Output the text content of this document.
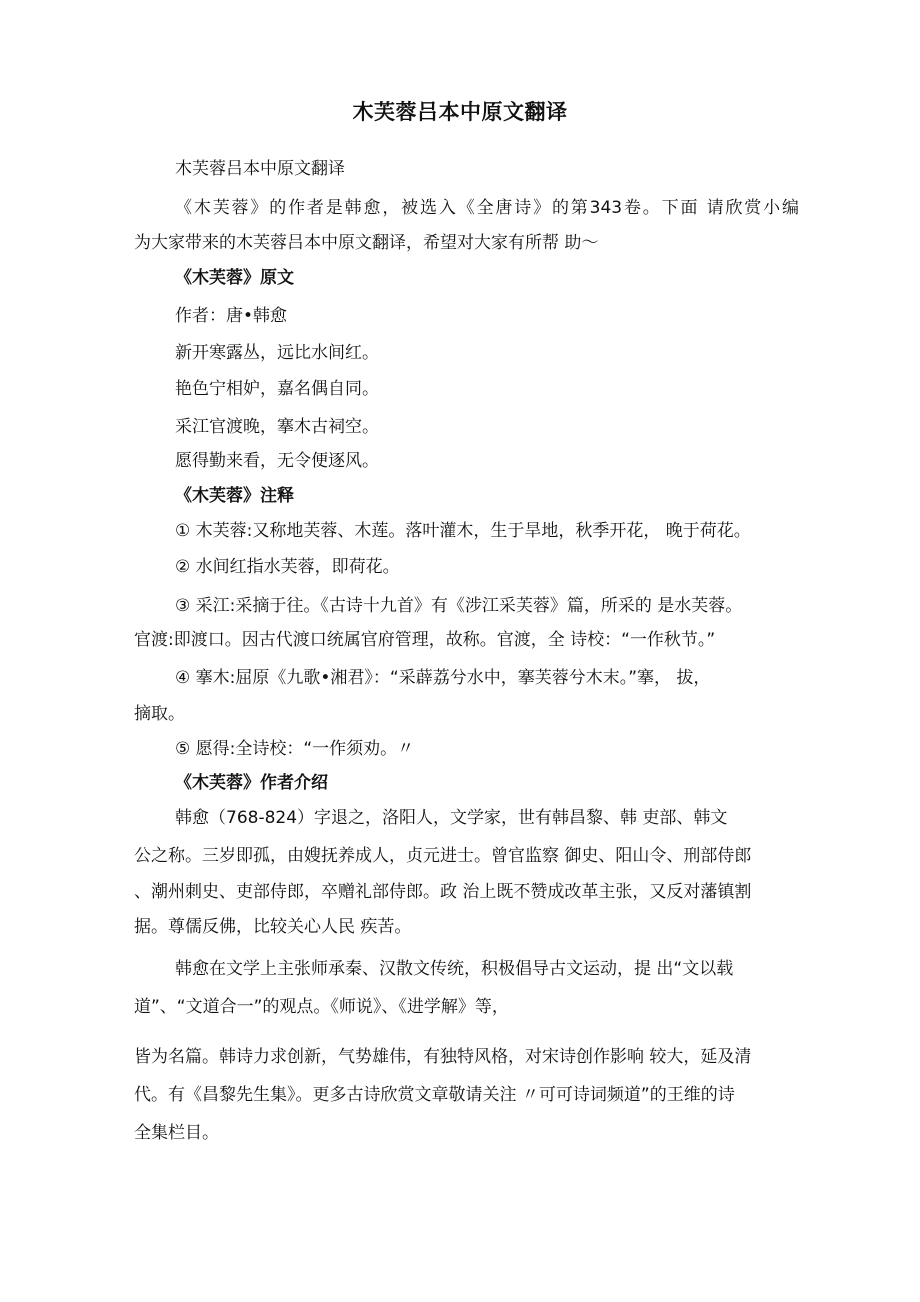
木芙蓉吕本中原文翻译
木芙蓉吕本中原文翻译
《木芙蓉》的作者是韩愈，被选入《全唐诗》的第343卷。下面 请欣赏小编
为大家带来的木芙蓉吕本中原文翻译，希望对大家有所帮 助〜
《木芙蓉》原文
作者：唐•韩愈
新开寒露丛，远比水间红。
艳色宁相妒，嘉名偶自同。
采江官渡晚，搴木古祠空。
愿得勤来看，无令便逐风。
《木芙蓉》注释
① 木芙蓉:又称地芙蓉、木莲。落叶灌木，生于旱地，秋季开花， 晚于荷花。
② 水间红指水芙蓉，即荷花。
③ 采江:采摘于往。《古诗十九首》有《涉江采芙蓉》篇，所采的 是水芙蓉。
官渡:即渡口。因古代渡口统属官府管理，故称。官渡，全 诗校：“一作秋节。”
④ 搴木:屈原《九歌•湘君》：“采薜荔兮水中，搴芙蓉兮木末。”搴， 拔，
摘取。
⑤ 愿得:全诗校：“一作须劝。〃
《木芙蓉》作者介绍
韩愈（768-824）字退之，洛阳人，文学家，世有韩昌黎、韩 吏部、韩文
公之称。三岁即孤，由嫂抚养成人，贞元进士。曾官监察 御史、阳山令、刑部侍郎
、潮州刺史、吏部侍郎，卒赠礼部侍郎。政 治上既不赞成改革主张，又反对藩镇割
据。尊儒反佛，比较关心人民 疾苦。
韩愈在文学上主张师承秦、汉散文传统，积极倡导古文运动，提 出“文以载
道”、“文道合一”的观点。《师说》、《进学解》等，
皆为名篇。韩诗力求创新，气势雄伟，有独特风格，对宋诗创作影响 较大，延及清
代。有《昌黎先生集》。更多古诗欣赏文章敬请关注 〃可可诗词频道”的王维的诗
全集栏目。
